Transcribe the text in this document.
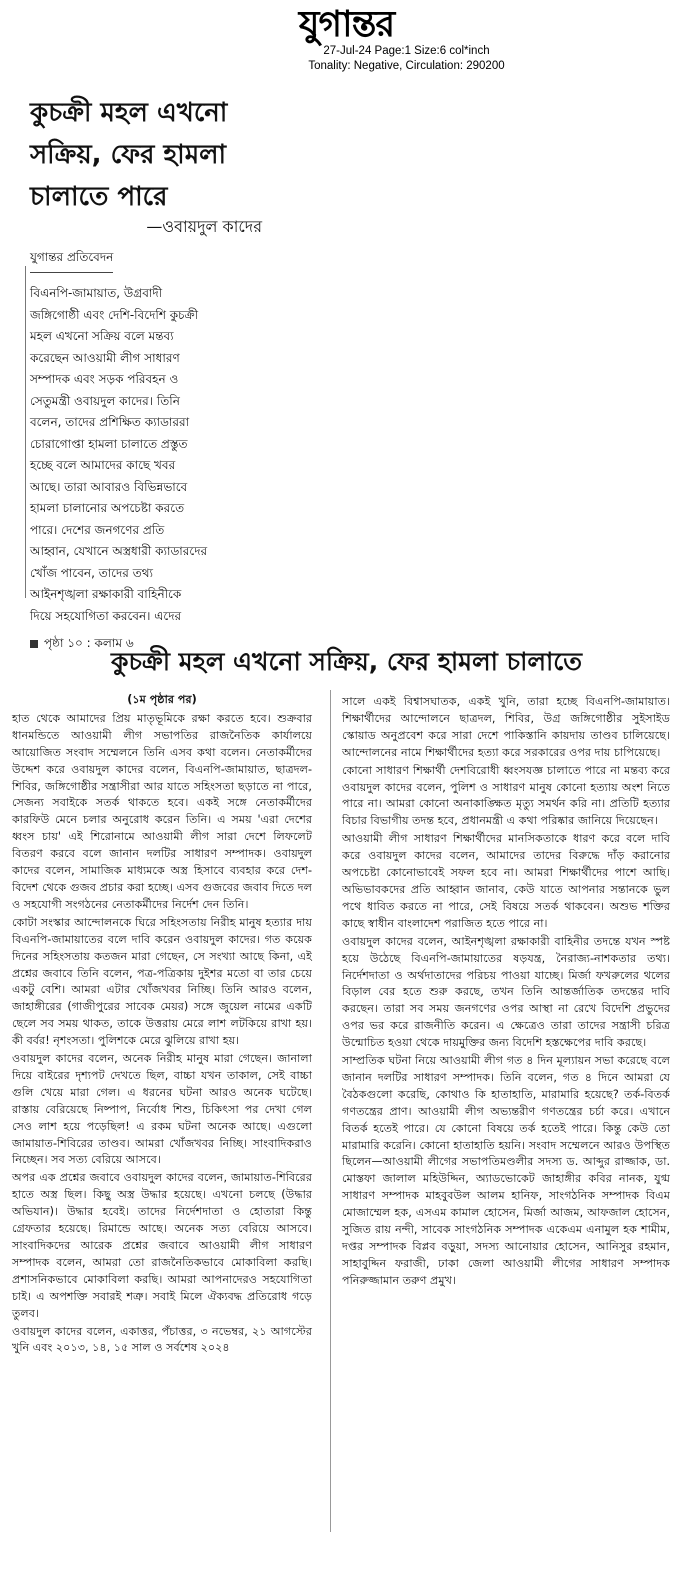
যুগান্তর
27-Jul-24 Page:1 Size:6 col*inch
Tonality: Negative, Circulation: 290200
কুচক্রী মহল এখনো
সক্রিয়, ফের হামলা
চালাতে পারে
—ওবায়দুল কাদের
যুগান্তর প্রতিবেদন
বিএনপি-জামায়াত, উগ্রবাদী
জঙ্গিগোষ্ঠী এবং দেশি-বিদেশি কুচক্রী
মহল এখনো সক্রিয় বলে মন্তব্য
করেছেন আওয়ামী লীগ সাধারণ
সম্পাদক এবং সড়ক পরিবহন ও
সেতুমন্ত্রী ওবায়দুল কাদের। তিনি
বলেন, তাদের প্রশিক্ষিত ক্যাডাররা
চোরাগোপ্তা হামলা চালাতে প্রস্তুত
হচ্ছে বলে আমাদের কাছে খবর
আছে। তারা আবারও বিভিন্নভাবে
হামলা চালানোর অপচেষ্টা করতে
পারে। দেশের জনগণের প্রতি
আহ্বান, যেখানে অস্ত্রধারী ক্যাডারদের
খোঁজ পাবেন, তাদের তথ্য
আইনশৃঙ্খলা রক্ষাকারী বাহিনীকে
দিয়ে সহযোগিতা করবেন। এদের
পৃষ্ঠা ১০ : কলাম ৬
কুচক্রী মহল এখনো সক্রিয়, ফের হামলা চালাতে
(১ম পৃষ্ঠার পর)

হাত থেকে আমাদের প্রিয় মাতৃভূমিকে রক্ষা করতে হবে। শুক্রবার ধানমন্ডিতে আওয়ামী লীগ সভাপতির রাজনৈতিক কার্যালয়ে আয়োজিত সংবাদ সম্মেলনে তিনি এসব কথা বলেন। নেতাকর্মীদের উদ্দেশ করে ওবায়দুল কাদের বলেন, বিএনপি-জামায়াত, ছাত্রদল-শিবির, জঙ্গিগোষ্ঠীর সন্ত্রাসীরা আর যাতে সহিংসতা ছড়াতে না পারে, সেজন্য সবাইকে সতর্ক থাকতে হবে। একই সঙ্গে নেতাকর্মীদের কারফিউ মেনে চলার অনুরোধ করেন তিনি। এ সময় 'এরা দেশের ধ্বংস চায়' এই শিরোনামে আওয়ামী লীগ সারা দেশে লিফলেট বিতরণ করবে বলে জানান দলটির সাধারণ সম্পাদক। ওবায়দুল কাদের বলেন, সামাজিক মাধ্যমকে অস্ত্র হিসাবে ব্যবহার করে দেশ-বিদেশ থেকে গুজব প্রচার করা হচ্ছে। এসব গুজবের জবাব দিতে দল ও সহযোগী সংগঠনের নেতাকর্মীদের নির্দেশ দেন তিনি।

কোটা সংস্কার আন্দোলনকে ঘিরে সহিংসতায় নিরীহ মানুষ হত্যার দায় বিএনপি-জামায়াতের বলে দাবি করেন ওবায়দুল কাদের। গত কয়েক দিনের সহিংসতায় কতজন মারা গেছেন, সে সংখ্যা আছে কিনা, এই প্রশ্নের জবাবে তিনি বলেন, পত্র-পত্রিকায় দুইশর মতো বা তার চেয়ে একটু বেশি। আমরা এটার খোঁজখবর নিচ্ছি। তিনি আরও বলেন, জাহাঙ্গীরের (গাজীপুরের সাবেক মেয়র) সঙ্গে জুয়েল নামের একটি ছেলে সব সময় থাকত, তাকে উত্তরায় মেরে লাশ লটকিয়ে রাখা হয়। কী বর্বর! নৃশংসতা। পুলিশকে মেরে ঝুলিয়ে রাখা হয়।

ওবায়দুল কাদের বলেন, অনেক নিরীহ মানুষ মারা গেছেন। জানালা দিয়ে বাইরের দৃশ্যপট দেখতে ছিল, বাচ্চা যখন তাকাল, সেই বাচ্চা গুলি খেয়ে মারা গেল। এ ধরনের ঘটনা আরও অনেক ঘটেছে। রাস্তায় বেরিয়েছে নিষ্পাপ, নির্বোধ শিশু, চিকিৎসা পর দেখা গেল সেও লাশ হয়ে পড়েছিল! এ রকম ঘটনা অনেক আছে। এগুলো জামায়াত-শিবিরের তাণ্ডব। আমরা খোঁজখবর নিচ্ছি। সাংবাদিকরাও নিচ্ছেন। সব সত্য বেরিয়ে আসবে।

অপর এক প্রশ্নের জবাবে ওবায়দুল কাদের বলেন, জামায়াত-শিবিরের হাতে অস্ত্র ছিল। কিছু অস্ত্র উদ্ধার হয়েছে। এখনো চলছে (উদ্ধার অভিযান)। উদ্ধার হবেই। তাদের নির্দেশদাতা ও হোতারা কিন্তু গ্রেফতার হয়েছে। রিমান্ডে আছে। অনেক সত্য বেরিয়ে আসবে। সাংবাদিকদের আরেক প্রশ্নের জবাবে আওয়ামী লীগ সাধারণ সম্পাদক বলেন, আমরা তো রাজনৈতিকভাবে মোকাবিলা করছি। প্রশাসনিকভাবে মোকাবিলা করছি। আমরা আপনাদেরও সহযোগিতা চাই। এ অপশক্তি সবারই শত্রু। সবাই মিলে ঐক্যবদ্ধ প্রতিরোধ গড়ে তুলব।

ওবায়দুল কাদের বলেন, একাত্তর, পঁচাত্তর, ৩ নভেম্বর, ২১ আগস্টের খুনি এবং ২০১৩, ১৪, ১৫ সাল ও সর্বশেষ ২০২৪

সালে একই বিশ্বাসঘাতক, একই খুনি, তারা হচ্ছে বিএনপি-জামায়াত। শিক্ষার্থীদের আন্দোলনে ছাত্রদল, শিবির, উগ্র জঙ্গিগোষ্ঠীর সুইসাইড স্কোয়াড অনুপ্রবেশ করে সারা দেশে পাকিস্তানি কায়দায় তাণ্ডব চালিয়েছে। আন্দোলনের নামে শিক্ষার্থীদের হত্যা করে সরকারের ওপর দায় চাপিয়েছে।

কোনো সাধারণ শিক্ষার্থী দেশবিরোধী ধ্বংসযজ্ঞ চালাতে পারে না মন্তব্য করে ওবায়দুল কাদের বলেন, পুলিশ ও সাধারণ মানুষ কোনো হত্যায় অংশ নিতে পারে না। আমরা কোনো অনাকাঙ্ক্ষিত মৃত্যু সমর্থন করি না। প্রতিটি হত্যার বিচার বিভাগীয় তদন্ত হবে, প্রধানমন্ত্রী এ কথা পরিষ্কার জানিয়ে দিয়েছেন।

আওয়ামী লীগ সাধারণ শিক্ষার্থীদের মানসিকতাকে ধারণ করে বলে দাবি করে ওবায়দুল কাদের বলেন, আমাদের তাদের বিরুদ্ধে দাঁড় করানোর অপচেষ্টা কোনোভাবেই সফল হবে না। আমরা শিক্ষার্থীদের পাশে আছি। অভিভাবকদের প্রতি আহ্বান জানাব, কেউ যাতে আপনার সন্তানকে ভুল পথে ধাবিত করতে না পারে, সেই বিষয়ে সতর্ক থাকবেন। অশুভ শক্তির কাছে স্বাধীন বাংলাদেশ পরাজিত হতে পারে না।

ওবায়দুল কাদের বলেন, আইনশৃঙ্খলা রক্ষাকারী বাহিনীর তদন্তে যখন স্পষ্ট হয়ে উঠেছে বিএনপি-জামায়াতের ষড়যন্ত্র, নৈরাজ্য-নাশকতার তথ্য। নির্দেশদাতা ও অর্থদাতাদের পরিচয় পাওয়া যাচ্ছে। মির্জা ফখরুলের থলের বিড়াল বের হতে শুরু করছে, তখন তিনি আন্তর্জাতিক তদন্তের দাবি করছেন। তারা সব সময় জনগণের ওপর আস্থা না রেখে বিদেশি প্রভুদের ওপর ভর করে রাজনীতি করেন। এ ক্ষেত্রেও তারা তাদের সন্ত্রাসী চরিত্র উন্মোচিত হওয়া থেকে দায়মুক্তির জন্য বিদেশি হস্তক্ষেপের দাবি করছে।

সাম্প্রতিক ঘটনা নিয়ে আওয়ামী লীগ গত ৪ দিন মূল্যায়ন সভা করেছে বলে জানান দলটির সাধারণ সম্পাদক। তিনি বলেন, গত ৪ দিনে আমরা যে বৈঠকগুলো করেছি, কোথাও কি হাতাহাতি, মারামারি হয়েছে? তর্ক-বিতর্ক গণতন্ত্রের প্রাণ। আওয়ামী লীগ অভ্যন্তরীণ গণতন্ত্রের চর্চা করে। এখানে বিতর্ক হতেই পারে। যে কোনো বিষয়ে তর্ক হতেই পারে। কিন্তু কেউ তো মারামারি করেনি। কোনো হাতাহাতি হয়নি। সংবাদ সম্মেলনে আরও উপস্থিত ছিলেন—আওয়ামী লীগের সভাপতিমণ্ডলীর সদস্য ড. আব্দুর রাজ্জাক, ডা. মোস্তফা জালাল মহিউদ্দিন, অ্যাডভোকেট জাহাঙ্গীর কবির নানক, যুগ্ম সাধারণ সম্পাদক মাহবুবউল আলম হানিফ, সাংগঠনিক সম্পাদক বিএম মোজাম্মেল হক, এসএম কামাল হোসেন, মির্জা আজম, আফজাল হোসেন, সুজিত রায় নন্দী, সাবেক সাংগঠনিক সম্পাদক একেএম এনামুল হক শামীম, দপ্তর সম্পাদক বিপ্লব বড়ুয়া, সদস্য আনোয়ার হোসেন, আনিসুর রহমান, সাহাবুদ্দিন ফরাজী, ঢাকা জেলা আওয়ামী লীগের সাধারণ সম্পাদক পনিরুজ্জামান তরুণ প্রমুখ।
